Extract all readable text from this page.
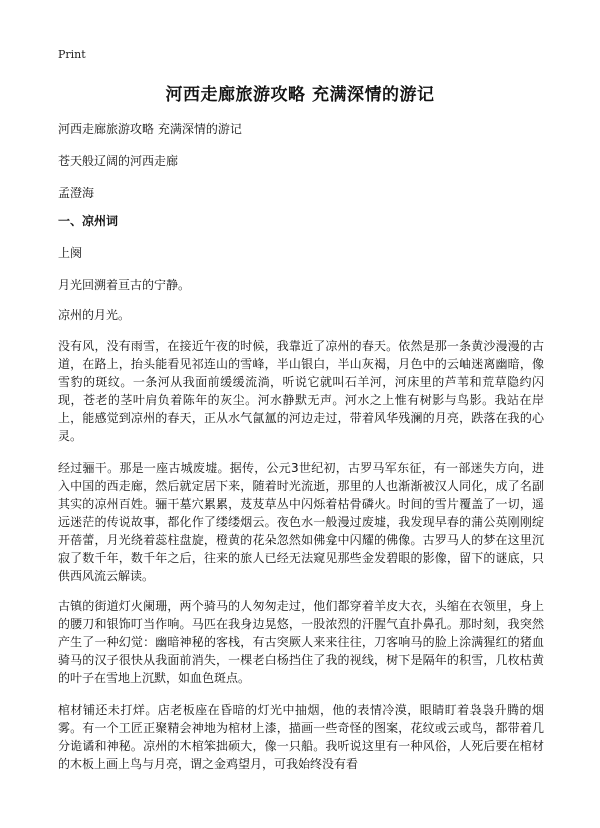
Print
河西走廊旅游攻略 充满深情的游记

河西走廊旅游攻略 充满深情的游记

苍天般辽阔的河西走廊

孟澄海

一、凉州词

上阕

月光回溯着亘古的宁静。

凉州的月光。

没有风，没有雨雪，在接近午夜的时候，我靠近了凉州的春天。依然是那一条黄沙漫漫的古道，在路上，抬头能看见祁连山的雪峰，半山银白，半山灰褐，月色中的云岫迷离幽暗，像雪豹的斑纹。一条河从我面前缓缓流淌，听说它就叫石羊河，河床里的芦苇和荒草隐约闪现，苍老的茎叶肩负着陈年的灰尘。河水静默无声。河水之上惟有树影与鸟影。我站在岸上，能感觉到凉州的春天，正从水气氤氲的河边走过，带着风华残澜的月亮，跌落在我的心灵。

经过骊干。那是一座古城废墟。据传，公元3世纪初，古罗马军东征，有一部迷失方向，进入中国的西走廊，然后就定居下来，随着时光流逝，那里的人也渐渐被汉人同化，成了名副其实的凉州百姓。骊干墓穴累累，芨芨草丛中闪烁着枯骨磷火。时间的雪片覆盖了一切，遥远迷茫的传说故事，都化作了缕缕烟云。夜色水一般漫过废墟，我发现早春的蒲公英刚刚绽开蓓蕾，月光绕着蕊柱盘旋，橙黄的花朵忽然如佛龛中闪耀的佛像。古罗马人的梦在这里沉寂了数千年，数千年之后，往来的旅人已经无法窥见那些金发碧眼的影像，留下的谜底，只供西风流云解读。

古镇的街道灯火阑珊，两个骑马的人匆匆走过，他们都穿着羊皮大衣，头缩在衣领里，身上的腰刀和银饰叮当作响。马匹在我身边晃悠，一股浓烈的汗腥气直扑鼻孔。那时刻，我突然产生了一种幻觉：幽暗神秘的客栈，有古突厥人来来往往，刀客响马的脸上涂满猩红的猪血骑马的汉子很快从我面前消失，一棵老白杨挡住了我的视线，树下是隔年的积雪，几枚枯黄的叶子在雪地上沉默，如血色斑点。

棺材铺还未打烊。店老板座在昏暗的灯光中抽烟，他的表情冷漠，眼睛盯着袅袅升腾的烟雾。有一个工匠正聚精会神地为棺材上漆，描画一些奇怪的图案，花纹或云或鸟，都带着几分诡谲和神秘。凉州的木棺笨拙硕大，像一只船。我听说这里有一种风俗，人死后要在棺材的木板上画上鸟与月亮，谓之金鸡望月，可我始终没有看
